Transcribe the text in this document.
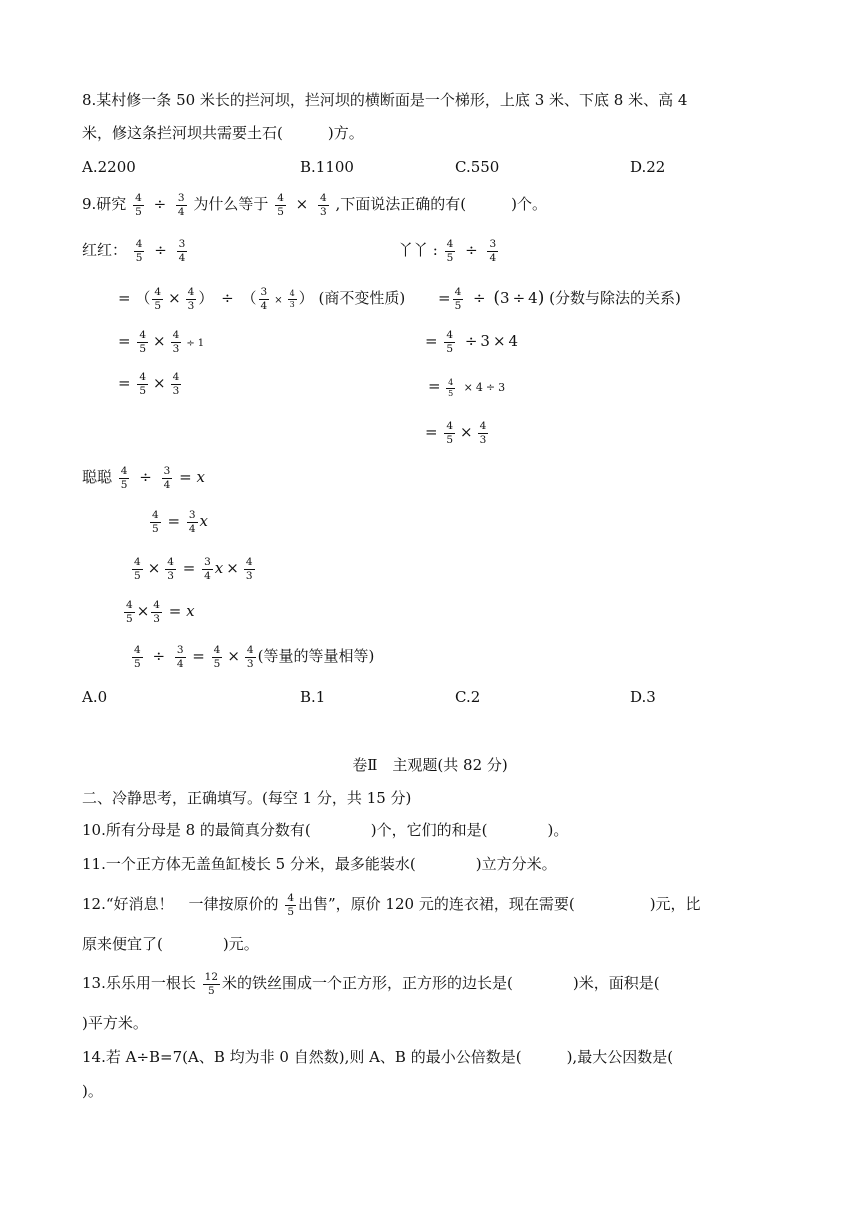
8.某村修一条 50 米长的拦河坝，拦河坝的横断面是一个梯形，上底 3 米、下底 8 米、高 4
米，修这条拦河坝共需要土石(　　　)方。
A.2200	B.1100	C.550	D.22
9.研究 $\frac{4}{5} \div \frac{3}{4}$ 为什么等于 $\frac{4}{5} \times \frac{4}{3}$ ,下面说法正确的有(　　　)个。
红红： $\frac{4}{5} \div \frac{3}{4}$
= （ $\frac{4}{5} \times \frac{4}{3}$ ） ÷ （ $\frac{3}{4} \times \frac{4}{3}$ ） (商不变性质)
= $\frac{4}{5} \times \frac{4}{3} \div 1$
= $\frac{4}{5} \times \frac{4}{3}$
丫丫 : $\frac{4}{5} \div \frac{3}{4}$
= $\frac{4}{5} \div (3 \div 4)$ (分数与除法的关系)
= $\frac{4}{5} \div 3 \times 4$
= $\frac{4}{5} \times 4 \div 3$
= $\frac{4}{5} \times \frac{4}{3}$
聪聪 $\frac{4}{5} \div \frac{3}{4} = x$
$\frac{4}{5} = \frac{3}{4}$ x
$\frac{4}{5} \times \frac{4}{3} = \frac{3}{4}$ $x \times \frac{4}{3}$
$\frac{4}{5} \times \frac{4}{3} = x$
$\frac{4}{5} \div \frac{3}{4} = \frac{4}{5} \times \frac{4}{3}$ (等量的等量相等)
A.0	B.1	C.2	D.3
卷Ⅱ　主观题(共 82 分)
二、冷静思考，正确填写。(每空 1 分，共 15 分)
10.所有分母是 8 的最简真分数有(　　　　)个，它们的和是(　　　　)。
11.一个正方体无盖鱼缸棱长 5 分米，最多能装水(　　　　)立方分米。
12.“好消息！　一律按原价的 $\frac{4}{5}$ 出售”，原价 120 元的连衣裙，现在需要(　　　　　)元，比
原来便宜了(　　　　)元。
13.乐乐用一根长 $\frac{12}{5}$ 米的铁丝围成一个正方形，正方形的边长是(　　　　)米，面积是(
)平方米。
14.若 A÷B=7(A、B 均为非 0 自然数),则 A、B 的最小公倍数是(　　　),最大公因数是(
)。
